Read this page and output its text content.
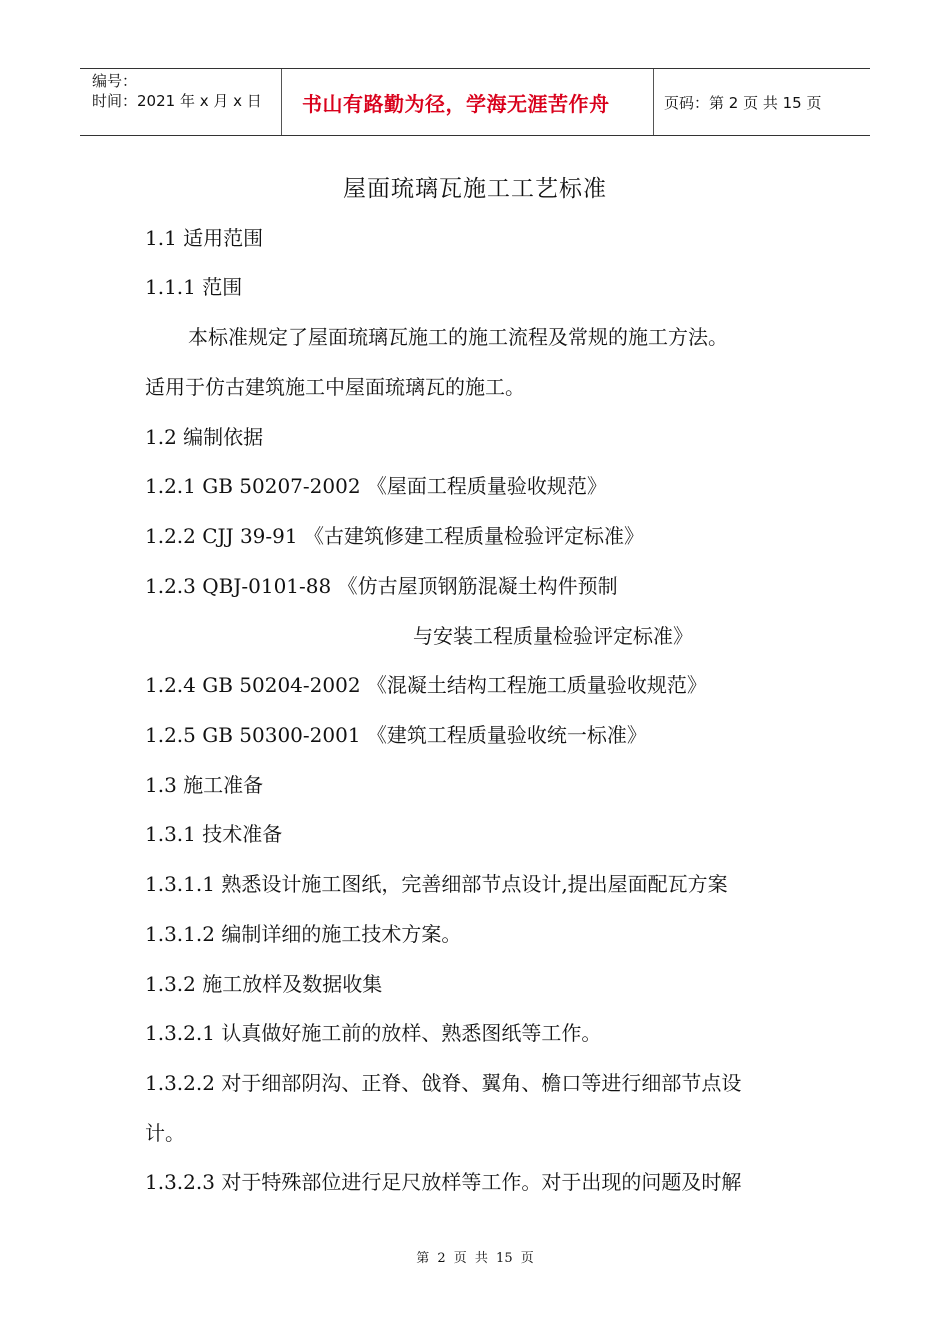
编号：
时间：2021 年 x 月 x 日	书山有路勤为径，学海无涯苦作舟	页码：第 2 页 共 15 页
屋面琉璃瓦施工工艺标准
1.1 适用范围
1.1.1 范围
本标准规定了屋面琉璃瓦施工的施工流程及常规的施工方法。
适用于仿古建筑施工中屋面琉璃瓦的施工。
1.2 编制依据
1.2.1 GB 50207-2002 《屋面工程质量验收规范》
1.2.2 CJJ 39-91 《古建筑修建工程质量检验评定标准》
1.2.3 QBJ-0101-88 《仿古屋顶钢筋混凝土构件预制
与安装工程质量检验评定标准》
1.2.4 GB 50204-2002 《混凝土结构工程施工质量验收规范》
1.2.5 GB 50300-2001 《建筑工程质量验收统一标准》
1.3 施工准备
1.3.1 技术准备
1.3.1.1 熟悉设计施工图纸，完善细部节点设计,提出屋面配瓦方案
1.3.1.2 编制详细的施工技术方案。
1.3.2 施工放样及数据收集
1.3.2.1 认真做好施工前的放样、熟悉图纸等工作。
1.3.2.2 对于细部阴沟、正脊、戗脊、翼角、檐口等进行细部节点设
计。
1.3.2.3 对于特殊部位进行足尺放样等工作。对于出现的问题及时解
第 2 页 共 15 页
